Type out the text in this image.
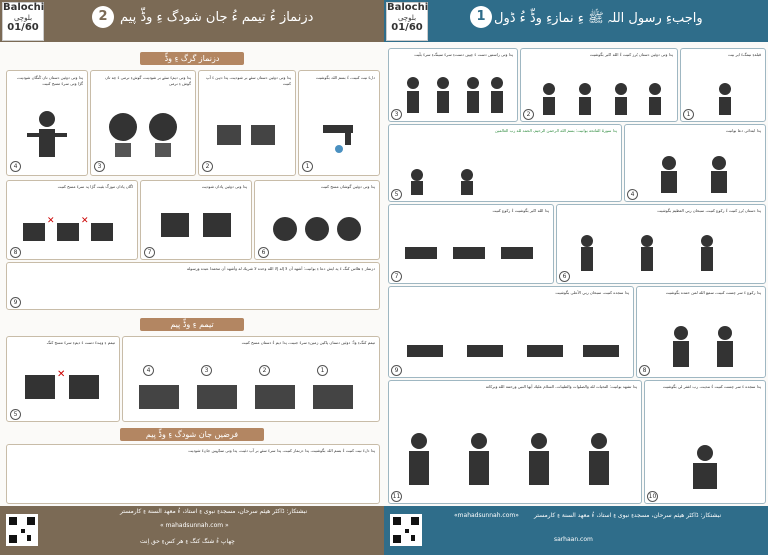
Balochi
بلوچی

01/60
دزنماز ءُ تیمم ءُ جان شودگ ءِ وڈّ پیم
2
دزنماز گرگ ءِ وڈّ
پدا وتی دوئیں دستاں تاں کُنگاں شودیت، گڑا وتی سرءَ مسح کنیت
4
پدا وتی دیمءَ سئے بر شودیت، گوشءِ نرمی ءَ چه تاں گوش ءِ نرمی
3
پدا وتی دوئیں دستاں سئے بر شودیت، پدا دہن ءَ آپ کنیت
2
دلءَ نیت کنیت، ءُ بسم اللہ بگوشیت
1
اگاں پاداں موزگ بئیت گڑا پہ سرءَ مسح کنیت
✕	✕
8
پدا وتی دوئیں پاداں شودیت
7
پدا وتی دوئیں گوشاں مسح کنیت
6
دزنماز ءِ هلاس کنگ ءَ پد ایش دعا ءِ بوانیت: أشهد أن لا إله إلا الله وحده لا شريك له وأشهد أن محمدا عبده ورسوله
9
تیمم ءِ وڈّ پیم
تیمم ءِ وہدءَ دست ءَ دیمءِ سرءَ مسح کنگ
✕
5
تیمم کنگءِ وڈّ: دوئیں دستاں پاکیں زمینءِ سرءَ جنیت، پدا دیم ءُ دستاں مسح کنیت
4	3	2	1
فرضیں جان شودگ ءِ وڈّ پیم
پدا دلءَ نیت کنیت ءُ بسم اللہ بگوشیت، پدا دزنماز کنیت، پدا سرءَ سئے بر آپ دئیت، پدا وتی سجّہیں جانءَ شودیت
نبشتکار: ڈاکٹر هیثم سرحان، مسجدءِ نبوی ءِ استاذ، ءُ معهد السنة ءِ کارمستر
« mahadsunnah.com »
چھاپ ءُ شنگ کنگ ءِ هر کسءِ حق اِنت
Balochi
بلوچی

01/60
واجبءِ رسول اللہ ﷺ ءِ نمازءِ وڈّ ءُ ڈول
1
پدا وتی راستیں دست ءَ چپیں دستءِ سرءَ سینگءِ سرءَ بلّیت
3
پدا وتی دوئیں دستاں بُرز کنیت ءُ الله اکبر بگوشیت
2
قبلهءِ نیمگءَ ایر بیت
1
پدا سورۃ الفاتحه بوانیت: بسم الله الرحمن الرحيم، الحمد لله رب العالمين
5
پدا ابتدائی دعا بوانیت
4
پدا الله اکبر بگوشیت ءُ رکوع کنیت
7
پدا دستاں بُرز کنیت ءُ رکوع کنیت، سبحان ربي العظيم بگوشیت
6
پدا سجده کنیت، سبحان ربي الأعلى بگوشیت
9
پدا رکوع ءَ سر چست کنیت، سمع الله لمن حمده بگوشیت
8
پدا تشهد بوانیت: التحيات لله والصلوات والطيبات، السلام عليك أيها النبي ورحمة الله وبركاته
11
پدا سجده ءَ سر چست کنیت ءُ نندیت، رب اغفر لي بگوشیت
10
«mahadsunnah.com»	نبشتکار: ڈاکٹر هیثم سرحان، مسجدءِ نبوی ءِ استاذ، ءُ معهد السنة ءِ کارمستر
sarhaan.com
